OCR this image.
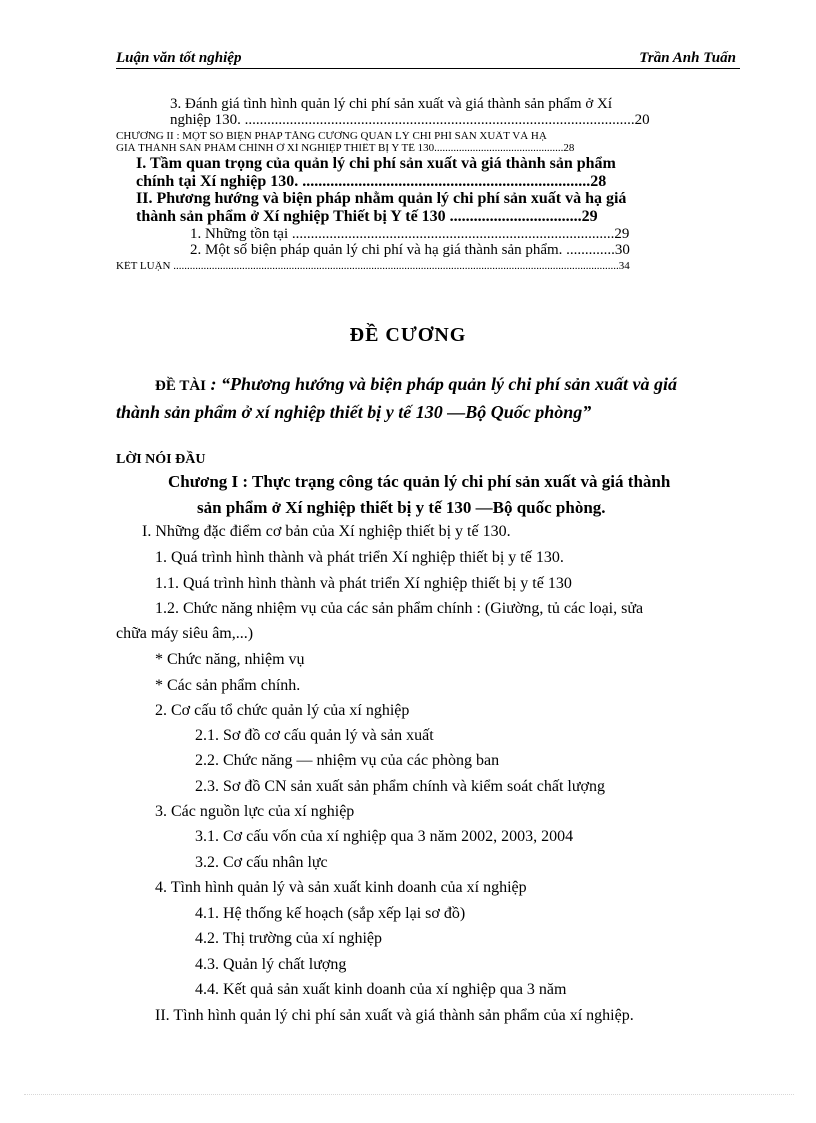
Luận văn tốt nghiệp	Trần Anh Tuấn
3. Đánh giá tình hình quản lý chi phí sản xuất và giá thành sản phẩm ở Xí
nghiệp 130. ........................................................................................................20
CHƯƠNG II : MỘT SỐ BIỆN PHÁP TĂNG CƯỜNG QUẢN LÝ CHI PHÍ SẢN XUẤT VÀ HẠ
GIÁ THÀNH SẢN PHẨM CHÍNH Ở XÍ NGHIỆP THIẾT BỊ Y TẾ 130...............................................28
I. Tầm quan trọng của quản lý chi phí sản xuất và giá thành sản phẩm
chính tại Xí nghiệp 130. ........................................................................28
II. Phương hướng và biện pháp nhằm quản lý chi phí sản xuất và hạ giá
thành sản phẩm ở Xí nghiệp Thiết bị Y tế 130 .................................29
1. Những tồn tại ......................................................................................29
2. Một số biện pháp quản lý chi phí và hạ giá thành sản phẩm. .............30
KẾT LUẬN ..................................................................................................................................................................34
ĐỀ CƯƠNG
ĐỀ TÀI : “Phương hướng và biện pháp quản lý chi phí sản xuất và giá
thành sản phẩm ở xí nghiệp thiết bị y tế 130 —Bộ Quốc phòng”
LỜI NÓI ĐẦU
Chương I : Thực trạng công tác quản lý chi phí sản xuất và giá thành
sản phẩm ở Xí nghiệp thiết bị y tế 130 —Bộ quốc phòng.
I. Những đặc điểm cơ bản của Xí nghiệp thiết bị y tế 130.
1. Quá trình hình thành và phát triển Xí nghiệp thiết bị y tế 130.
1.1. Quá trình hình thành và phát triển Xí nghiệp thiết bị y tế 130
1.2. Chức năng nhiệm vụ của các sản phẩm chính : (Giường, tủ các loại, sửa
chữa máy siêu âm,...)
* Chức năng, nhiệm vụ
* Các sản phẩm chính.
2. Cơ cấu tổ chức quản lý của xí nghiệp
2.1. Sơ đồ cơ cấu quản lý và sản xuất
2.2. Chức năng — nhiệm vụ của các phòng ban
2.3. Sơ đồ CN sản xuất sản phẩm chính và kiểm soát chất lượng
3. Các nguồn lực của xí nghiệp
3.1. Cơ cấu vốn của xí nghiệp qua 3 năm 2002, 2003, 2004
3.2. Cơ cấu nhân lực
4. Tình hình quản lý và sản xuất kinh doanh của xí nghiệp
4.1. Hệ thống kế hoạch (sắp xếp lại sơ đồ)
4.2. Thị trường của xí nghiệp
4.3. Quản lý chất lượng
4.4. Kết quả sản xuất kinh doanh của xí nghiệp qua 3 năm
II. Tình hình quản lý chi phí sản xuất và giá thành sản phẩm của xí nghiệp.
